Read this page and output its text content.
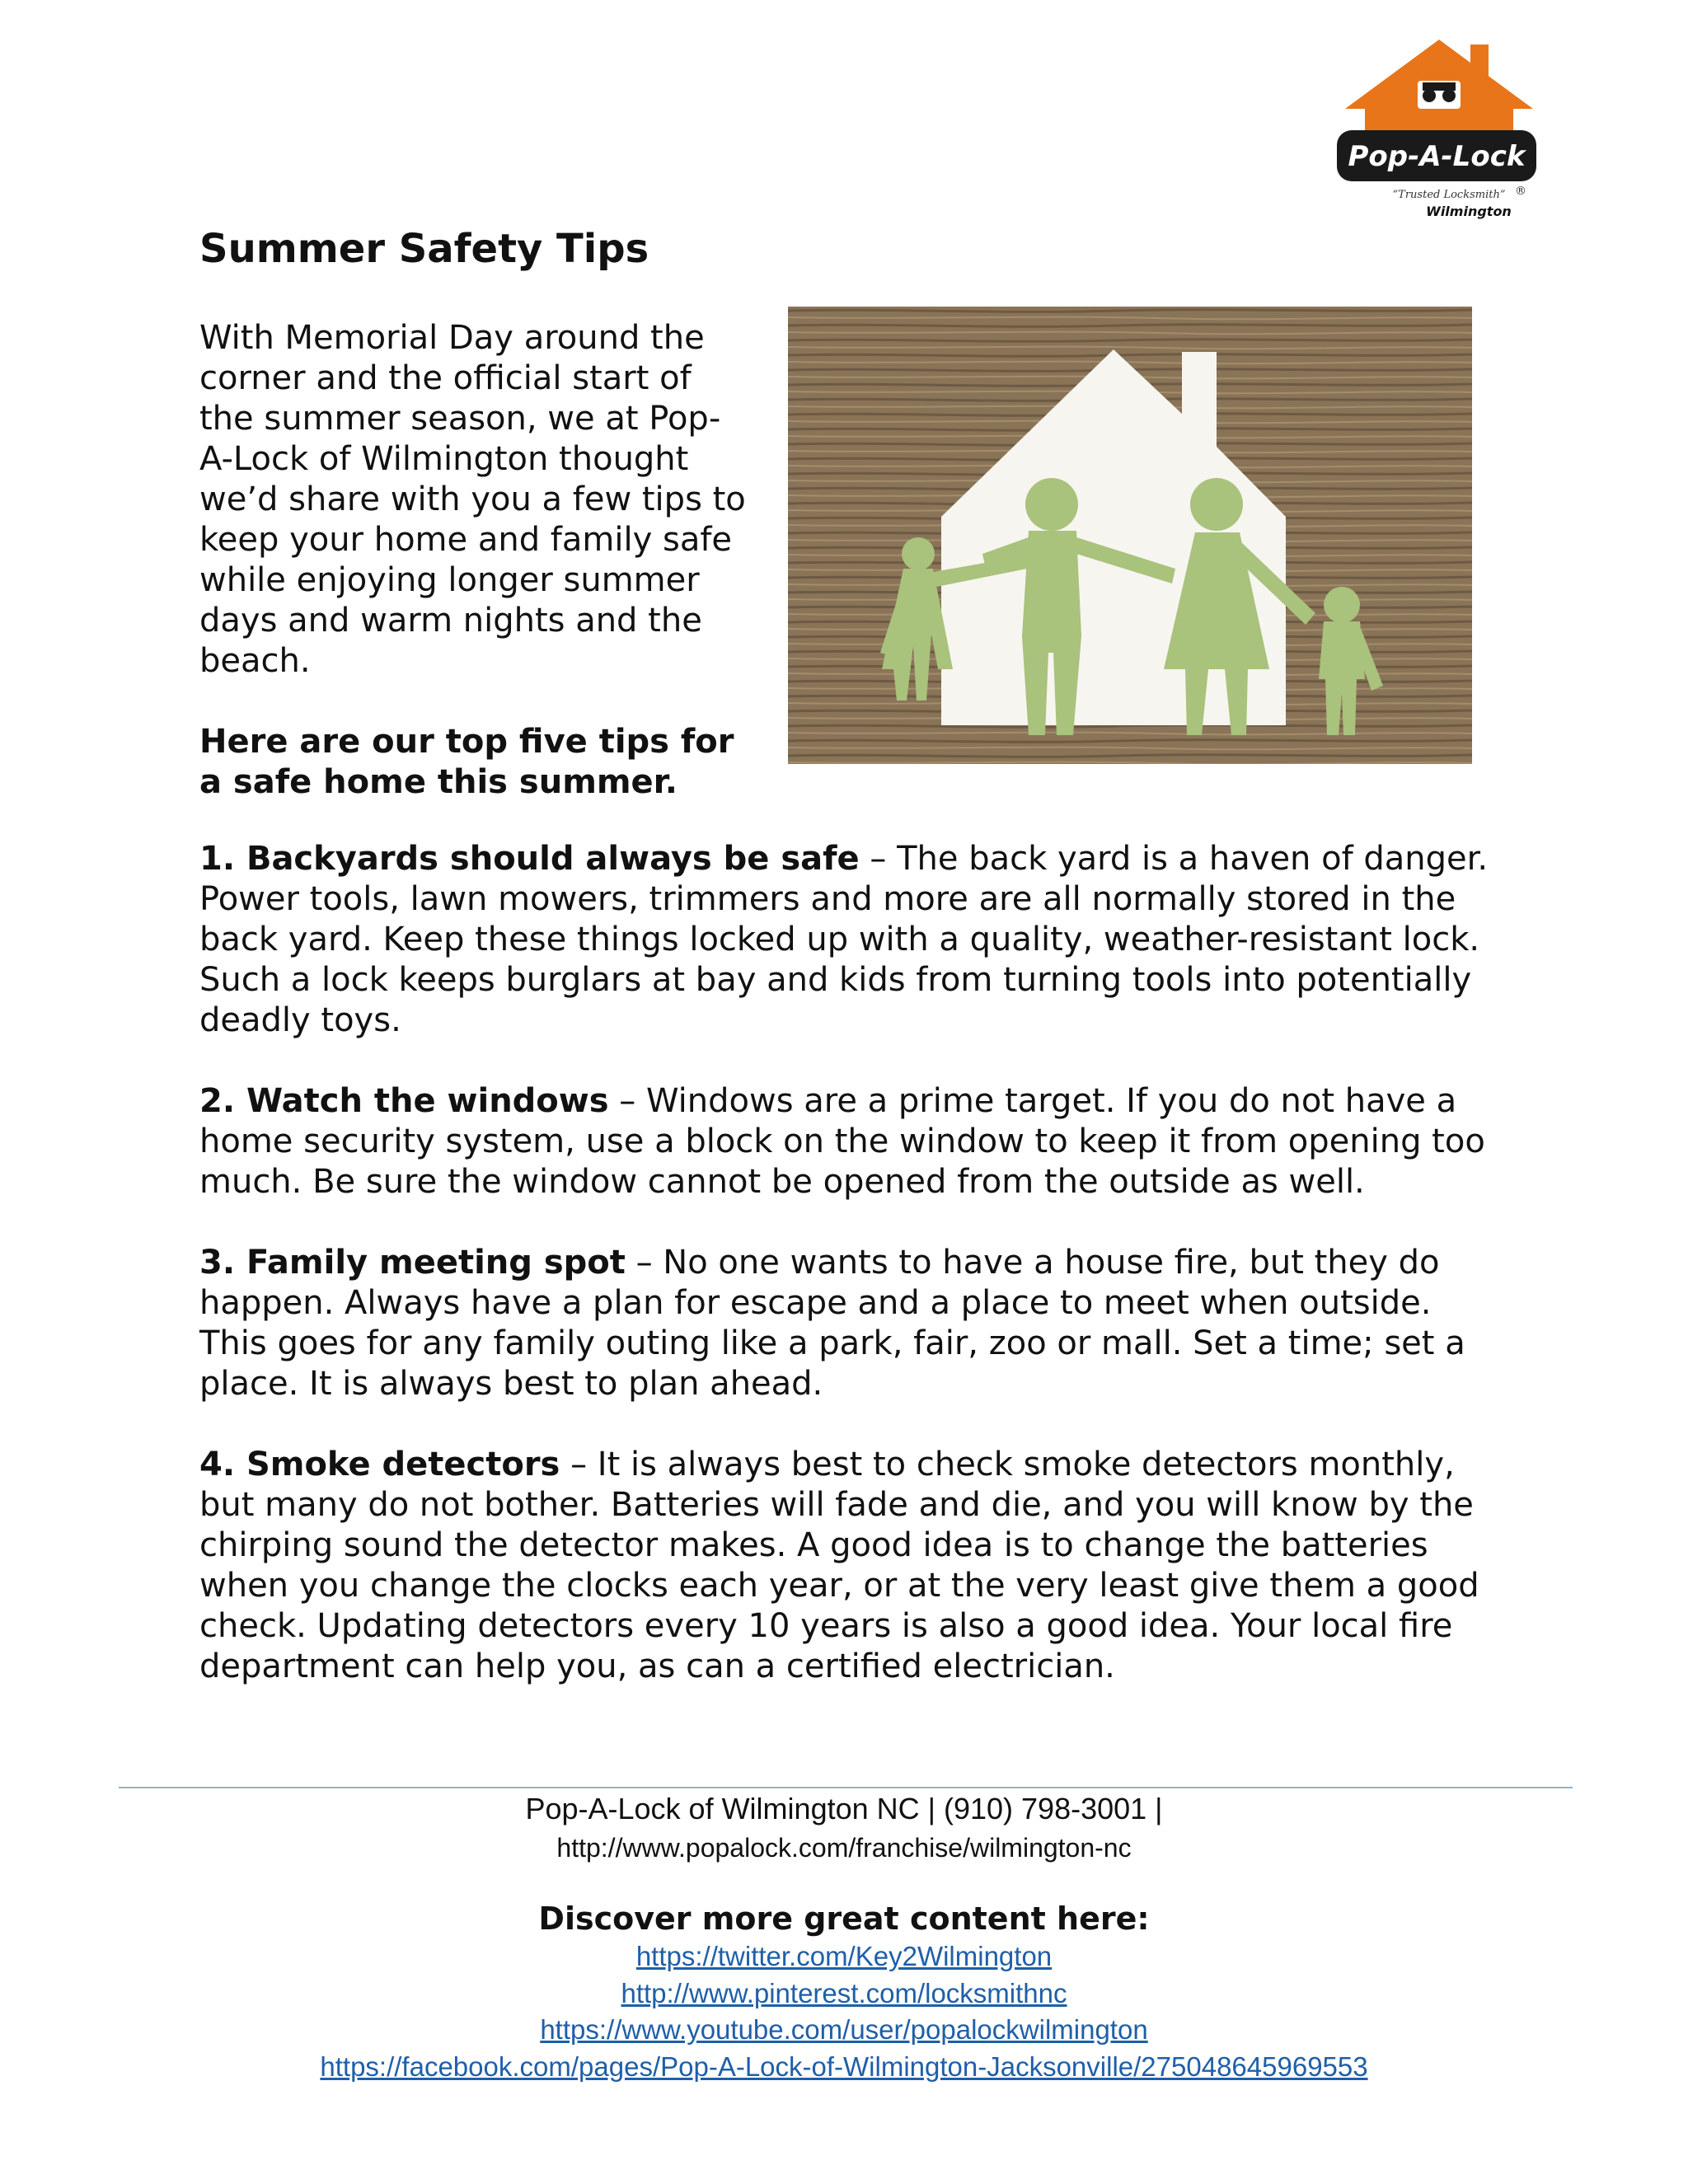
Pop-A-Lock
“Trusted Locksmith” ®
Wilmington
Summer Safety Tips

With Memorial Day around the
corner and the official start of
the summer season, we at Pop-
A-Lock of Wilmington thought
we’d share with you a few tips to
keep your home and family safe
while enjoying longer summer
days and warm nights and the
beach.

Here are our top five tips for
a safe home this summer.

1. Backyards should always be safe – The back yard is a haven of danger. Power tools, lawn mowers, trimmers and more are all normally stored in the back yard. Keep these things locked up with a quality, weather-resistant lock. Such a lock keeps burglars at bay and kids from turning tools into potentially deadly toys.

2. Watch the windows – Windows are a prime target. If you do not have a home security system, use a block on the window to keep it from opening too much. Be sure the window cannot be opened from the outside as well.

3. Family meeting spot – No one wants to have a house fire, but they do happen. Always have a plan for escape and a place to meet when outside. This goes for any family outing like a park, fair, zoo or mall. Set a time; set a place. It is always best to plan ahead.

4. Smoke detectors – It is always best to check smoke detectors monthly, but many do not bother. Batteries will fade and die, and you will know by the chirping sound the detector makes. A good idea is to change the batteries when you change the clocks each year, or at the very least give them a good check. Updating detectors every 10 years is also a good idea. Your local fire department can help you, as can a certified electrician.

Pop-A-Lock of Wilmington NC | (910) 798-3001 |
http://www.popalock.com/franchise/wilmington-nc
Discover more great content here:
https://twitter.com/Key2Wilmington
http://www.pinterest.com/locksmithnc
https://www.youtube.com/user/popalockwilmington
https://facebook.com/pages/Pop-A-Lock-of-Wilmington-Jacksonville/275048645969553
